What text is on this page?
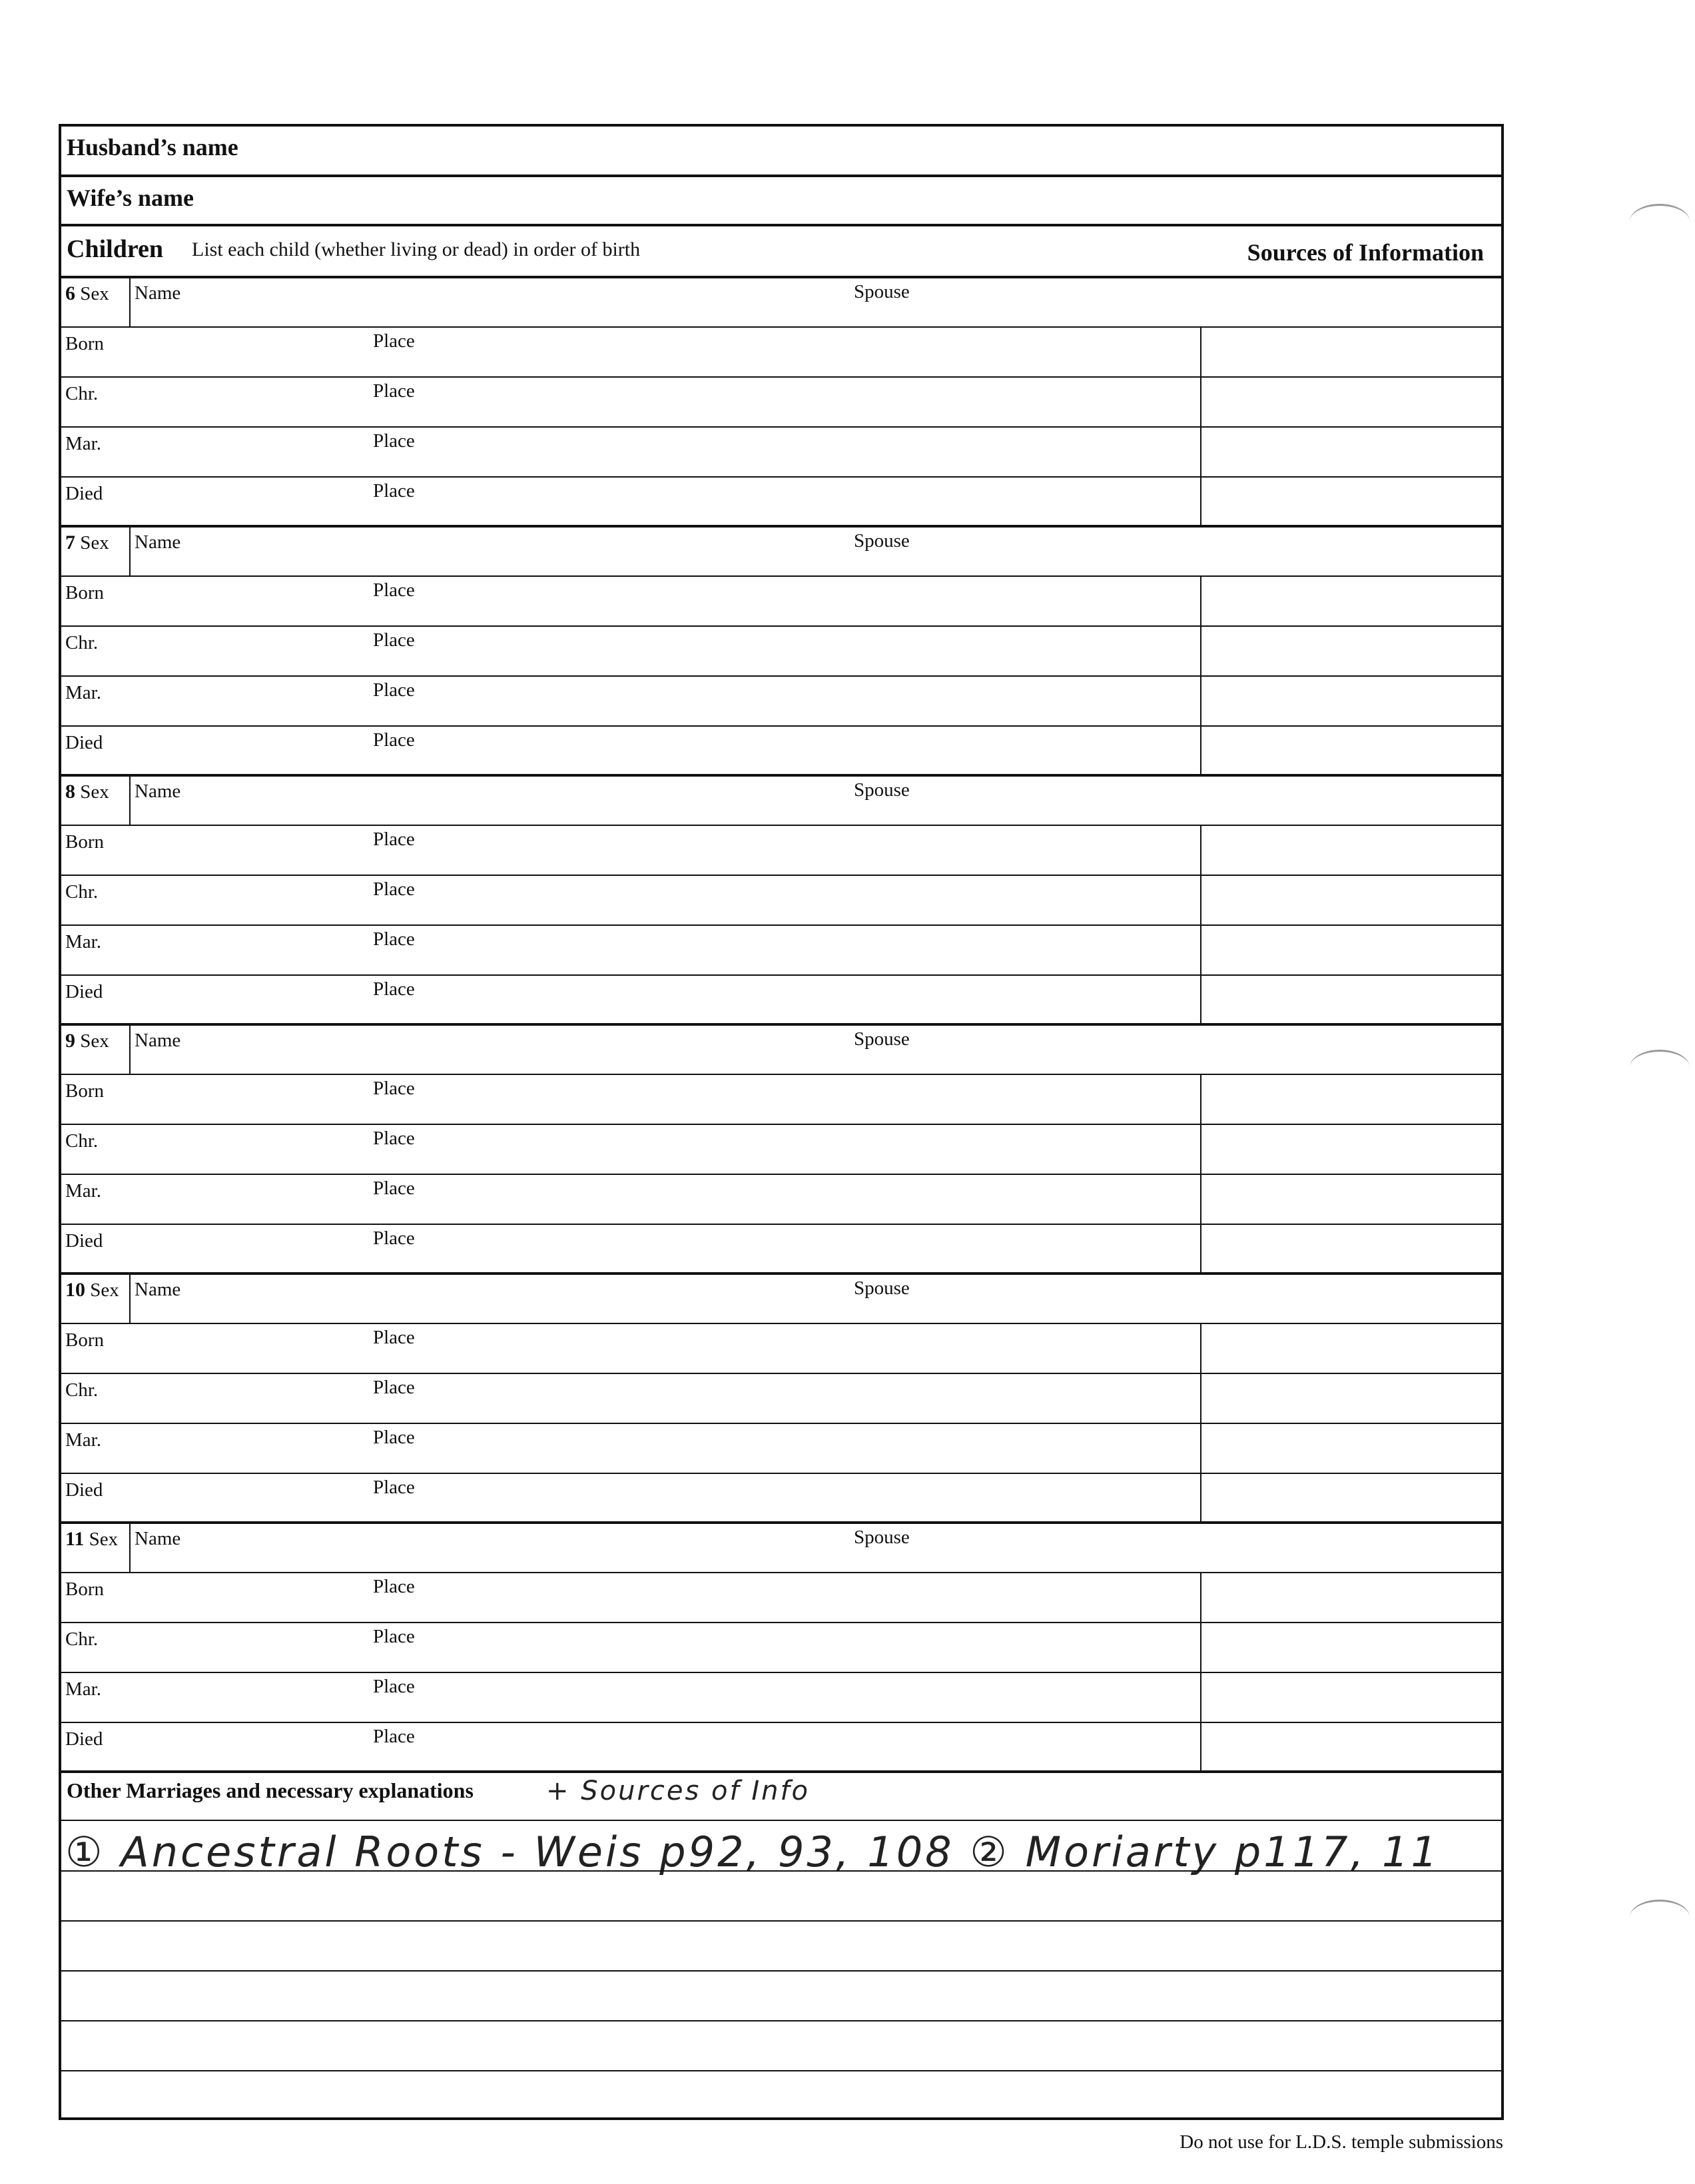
Husband’s name
Wife’s name
Children List each child (whether living or dead) in order of birth	Sources of Information
6 Sex Name	Spouse
Born	Place
Chr.	Place
Mar.	Place
Died	Place
7 Sex Name	Spouse
Born	Place
Chr.	Place
Mar.	Place
Died	Place
8 Sex Name	Spouse
Born	Place
Chr.	Place
Mar.	Place
Died	Place
9 Sex Name	Spouse
Born	Place
Chr.	Place
Mar.	Place
Died	Place
10 Sex Name	Spouse
Born	Place
Chr.	Place
Mar.	Place
Died	Place
11 Sex Name	Spouse
Born	Place
Chr.	Place
Mar.	Place
Died	Place
Other Marriages and necessary explanations	+ Sources of Info
① Ancestral Roots - Weis p92, 93, 108 ② Moriarty p117, 11
Do not use for L.D.S. temple submissions
